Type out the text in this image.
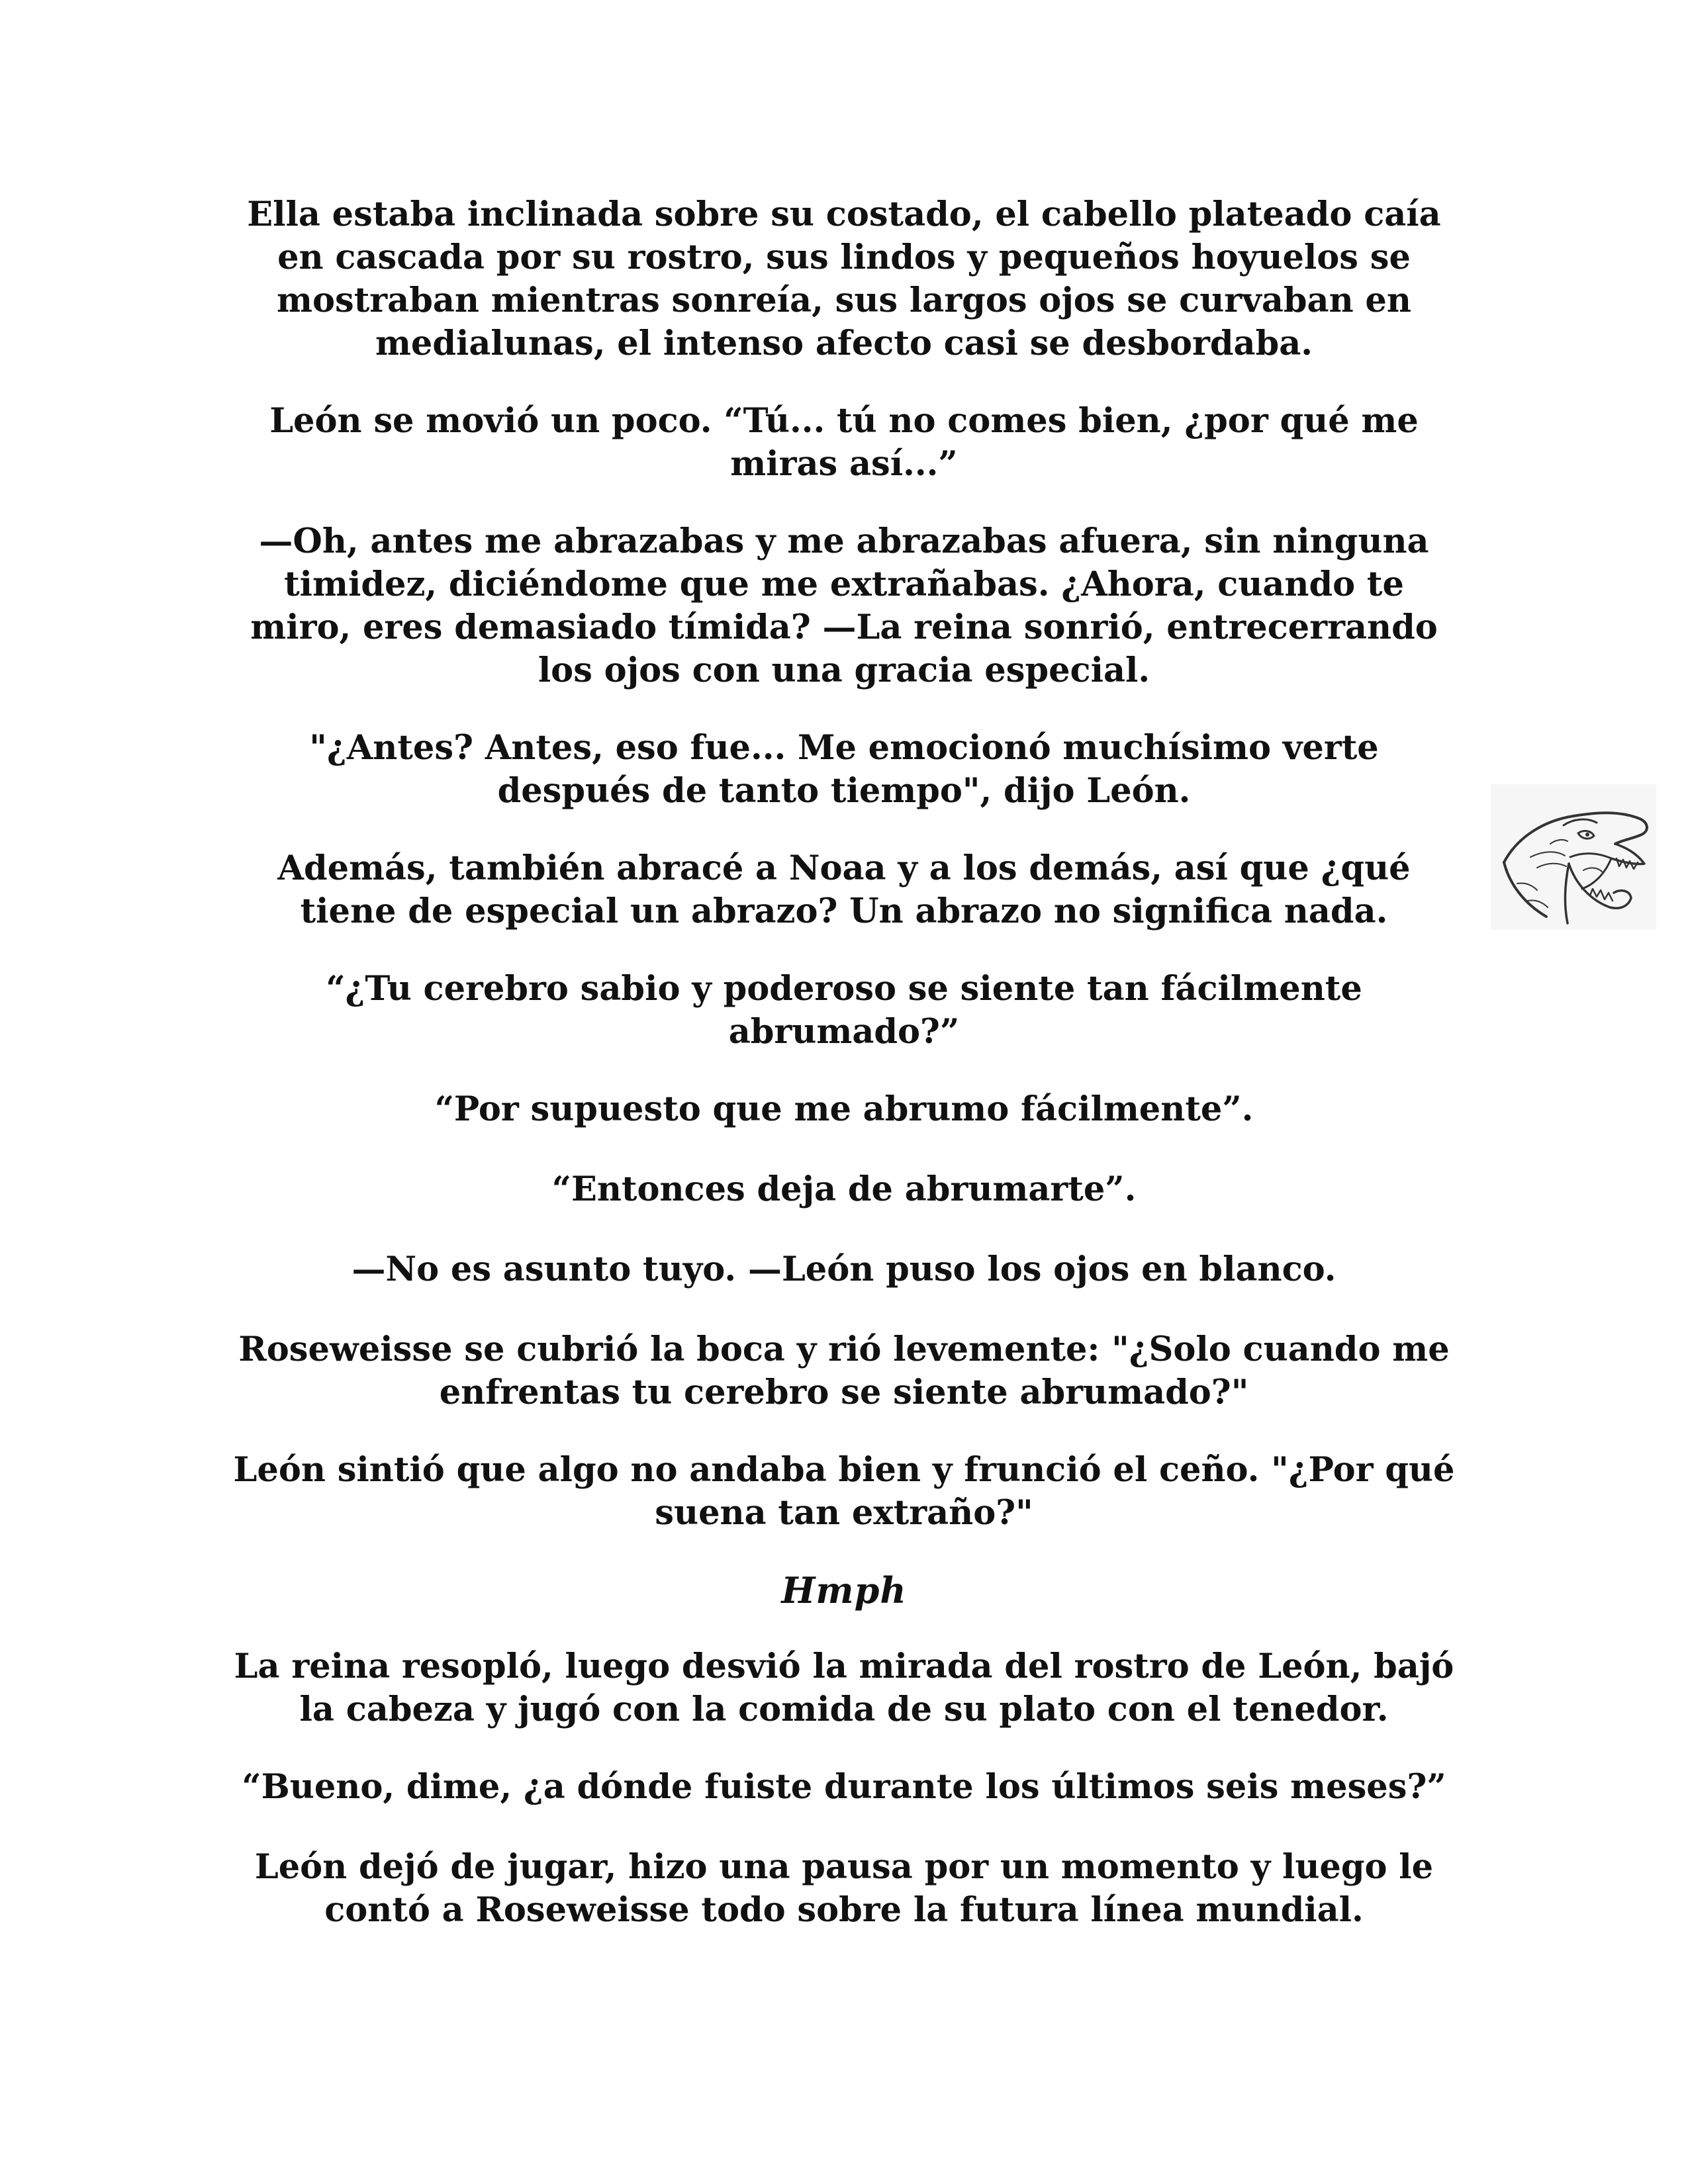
Ella estaba inclinada sobre su costado, el cabello plateado caía en cascada por su rostro, sus lindos y pequeños hoyuelos se mostraban mientras sonreía, sus largos ojos se curvaban en medialunas, el intenso afecto casi se desbordaba.

León se movió un poco. “Tú... tú no comes bien, ¿por qué me miras así...”

—Oh, antes me abrazabas y me abrazabas afuera, sin ninguna timidez, diciéndome que me extrañabas. ¿Ahora, cuando te miro, eres demasiado tímida? —La reina sonrió, entrecerrando los ojos con una gracia especial.

"¿Antes? Antes, eso fue... Me emocionó muchísimo verte después de tanto tiempo", dijo León.

Además, también abracé a Noaa y a los demás, así que ¿qué tiene de especial un abrazo? Un abrazo no significa nada.

“¿Tu cerebro sabio y poderoso se siente tan fácilmente abrumado?”

“Por supuesto que me abrumo fácilmente”.

“Entonces deja de abrumarte”.

—No es asunto tuyo. —León puso los ojos en blanco.

Roseweisse se cubrió la boca y rió levemente: "¿Solo cuando me enfrentas tu cerebro se siente abrumado?"

León sintió que algo no andaba bien y frunció el ceño. "¿Por qué suena tan extraño?"

Hmph

La reina resopló, luego desvió la mirada del rostro de León, bajó la cabeza y jugó con la comida de su plato con el tenedor.

“Bueno, dime, ¿a dónde fuiste durante los últimos seis meses?”

León dejó de jugar, hizo una pausa por un momento y luego le contó a Roseweisse todo sobre la futura línea mundial.
